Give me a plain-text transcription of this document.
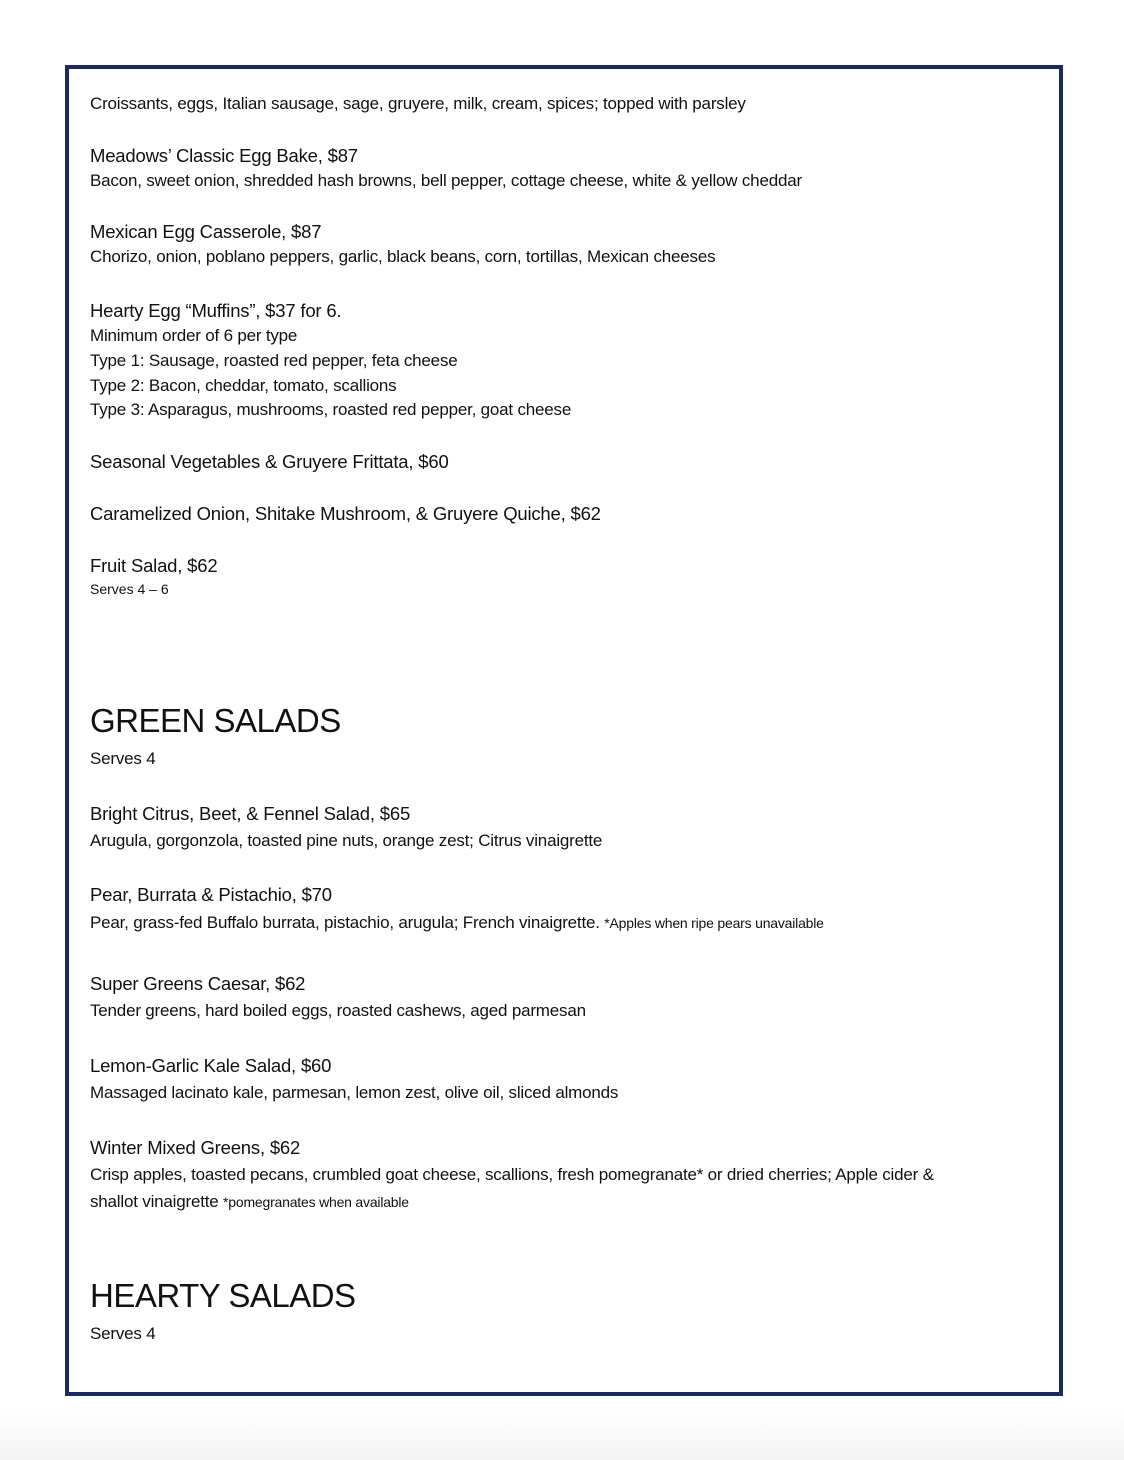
Croissants, eggs, Italian sausage, sage, gruyere, milk, cream, spices; topped with parsley
Meadows’ Classic Egg Bake, $87
Bacon, sweet onion, shredded hash browns, bell pepper, cottage cheese, white & yellow cheddar
Mexican Egg Casserole, $87
Chorizo, onion, poblano peppers, garlic, black beans, corn, tortillas, Mexican cheeses
Hearty Egg “Muffins”, $37 for 6.
Minimum order of 6 per type
Type 1: Sausage, roasted red pepper, feta cheese
Type 2: Bacon, cheddar, tomato, scallions
Type 3: Asparagus, mushrooms, roasted red pepper, goat cheese
Seasonal Vegetables & Gruyere Frittata, $60
Caramelized Onion, Shitake Mushroom, & Gruyere Quiche, $62
Fruit Salad, $62
Serves 4 – 6
GREEN SALADS
Serves 4
Bright Citrus, Beet, & Fennel Salad, $65
Arugula, gorgonzola, toasted pine nuts, orange zest; Citrus vinaigrette
Pear, Burrata & Pistachio, $70
Pear, grass-fed Buffalo burrata, pistachio, arugula; French vinaigrette. *Apples when ripe pears unavailable
Super Greens Caesar, $62
Tender greens, hard boiled eggs, roasted cashews, aged parmesan
Lemon-Garlic Kale Salad, $60
Massaged lacinato kale, parmesan, lemon zest, olive oil, sliced almonds
Winter Mixed Greens, $62
Crisp apples, toasted pecans, crumbled goat cheese, scallions, fresh pomegranate* or dried cherries; Apple cider &
shallot vinaigrette *pomegranates when available
HEARTY SALADS
Serves 4
